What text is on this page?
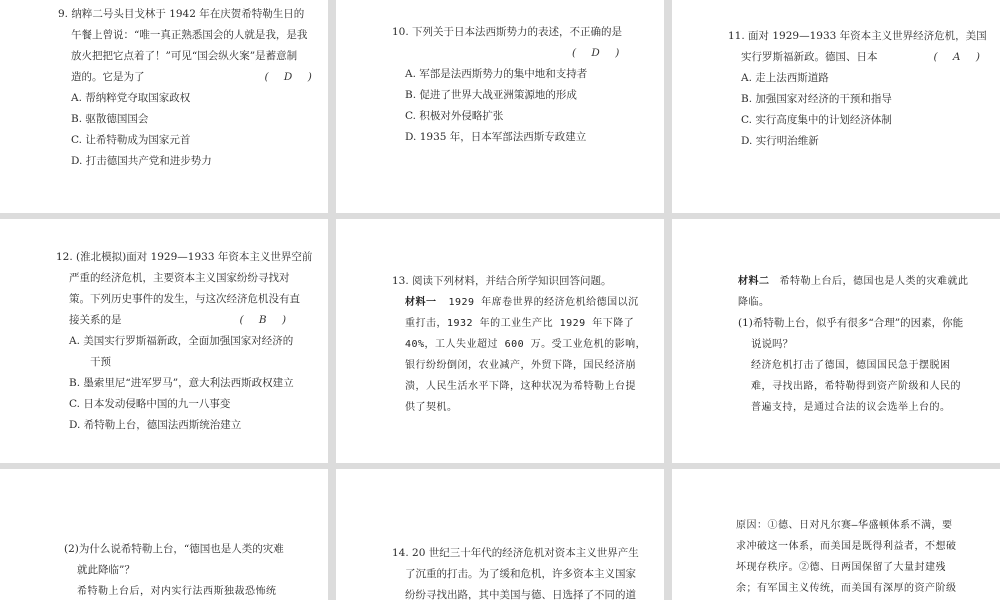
9. 纳粹二号头目戈林于 1942 年在庆贺希特勒生日的
午餐上曾说：“唯一真正熟悉国会的人就是我，是我
放火把把它点着了！”可见“国会纵火案”是蓄意制
造的。它是为了	( D )
A. 帮纳粹党夺取国家政权
B. 驱散德国国会
C. 让希特勒成为国家元首
D. 打击德国共产党和进步势力
10. 下列关于日本法西斯势力的表述，不正确的是
( D )
A. 军部是法西斯势力的集中地和支持者
B. 促进了世界大战亚洲策源地的形成
C. 积极对外侵略扩张
D. 1935 年，日本军部法西斯专政建立
11. 面对 1929—1933 年资本主义世界经济危机，美国
实行罗斯福新政。德国、日本	( A )
A. 走上法西斯道路
B. 加强国家对经济的干预和指导
C. 实行高度集中的计划经济体制
D. 实行明治维新
12. (淮北模拟)面对 1929—1933 年资本主义世界空前
严重的经济危机，主要资本主义国家纷纷寻找对
策。下列历史事件的发生，与这次经济危机没有直
接关系的是	( B )
A. 美国实行罗斯福新政，全面加强国家对经济的
干预
B. 墨索里尼“进军罗马”，意大利法西斯政权建立
C. 日本发动侵略中国的九一八事变
D. 希特勒上台，德国法西斯统治建立
13. 阅读下列材料，并结合所学知识回答问题。
材料一 1929 年席卷世界的经济危机给德国以沉
重打击，1932 年的工业生产比 1929 年下降了
40%，工人失业超过 600 万。受工业危机的影响，
银行纷纷倒闭，农业减产，外贸下降，国民经济崩
溃，人民生活水平下降，这种状况为希特勒上台提
供了契机。
材料二 希特勒上台后，德国也是人类的灾难就此
降临。
(1)希特勒上台，似乎有很多“合理”的因素，你能
说说吗？
经济危机打击了德国，德国国民急于摆脱困
难，寻找出路，希特勒得到资产阶级和人民的
普遍支持，是通过合法的议会选举上台的。
(2)为什么说希特勒上台，“德国也是人类的灾难
就此降临”？
希特勒上台后，对内实行法西斯独裁恐怖统
14. 20 世纪三十年代的经济危机对资本主义世界产生
了沉重的打击。为了缓和危机，许多资本主义国家
纷纷寻找出路，其中美国与德、日选择了不同的道
原因：①德、日对凡尔赛—华盛顿体系不满，要
求冲破这一体系，而美国是既得利益者，不想破
坏现存秩序。②德、日两国保留了大量封建残
余；有军国主义传统，而美国有深厚的资产阶级
